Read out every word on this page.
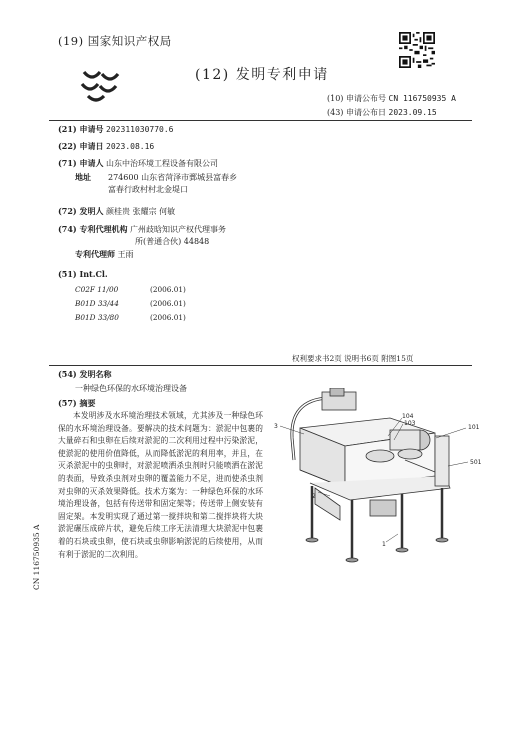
(19) 国家知识产权局
(12) 发明专利申请
(10) 申请公布号 CN 116750935 A
(43) 申请公布日 2023.09.15
(21) 申请号 202311030770.6
(22) 申请日 2023.08.16
(71) 申请人 山东中治环境工程设备有限公司
地址 274600 山东省菏泽市鄄城县富春乡
富春行政村村北金堤口
(72) 发明人 颜桂贵 张耀宗 何敏
(74) 专利代理机构 广州歧晗知识产权代理事务
所(普通合伙) 44848
专利代理师 王雨
(51) Int.Cl.
C02F 11/00	(2006.01)
B01D 33/44	(2006.01)
B01D 33/80	(2006.01)
权利要求书2页 说明书6页 附图15页
(54) 发明名称
一种绿色环保的水环境治理设备
(57) 摘要
本发明涉及水环境治理技术领域，尤其涉及一种绿色环保的水环境治理设备。要解决的技术问题为：淤泥中包裹的大量碎石和虫卵在后续对淤泥的二次利用过程中污染淤泥，使淤泥的使用价值降低，从而降低淤泥的利用率，并且，在灭杀淤泥中的虫卵时，对淤泥喷洒杀虫剂时只能喷洒在淤泥的表面，导致杀虫剂对虫卵的覆盖能力不足，进而使杀虫剂对虫卵的灭杀效果降低。技术方案为：一种绿色环保的水环境治理设备，包括有传送带和固定架等；传送带上侧安装有固定架。本发明实现了通过第一搅拌块和第二搅拌块将大块淤泥碾压成碎片状，避免后续工序无法清理大块淤泥中包裹着的石块或虫卵，使石块或虫卵影响淤泥的后续使用，从而有利于淤泥的二次利用。
3
104
103
101
501
2
1
CN 116750935 A
